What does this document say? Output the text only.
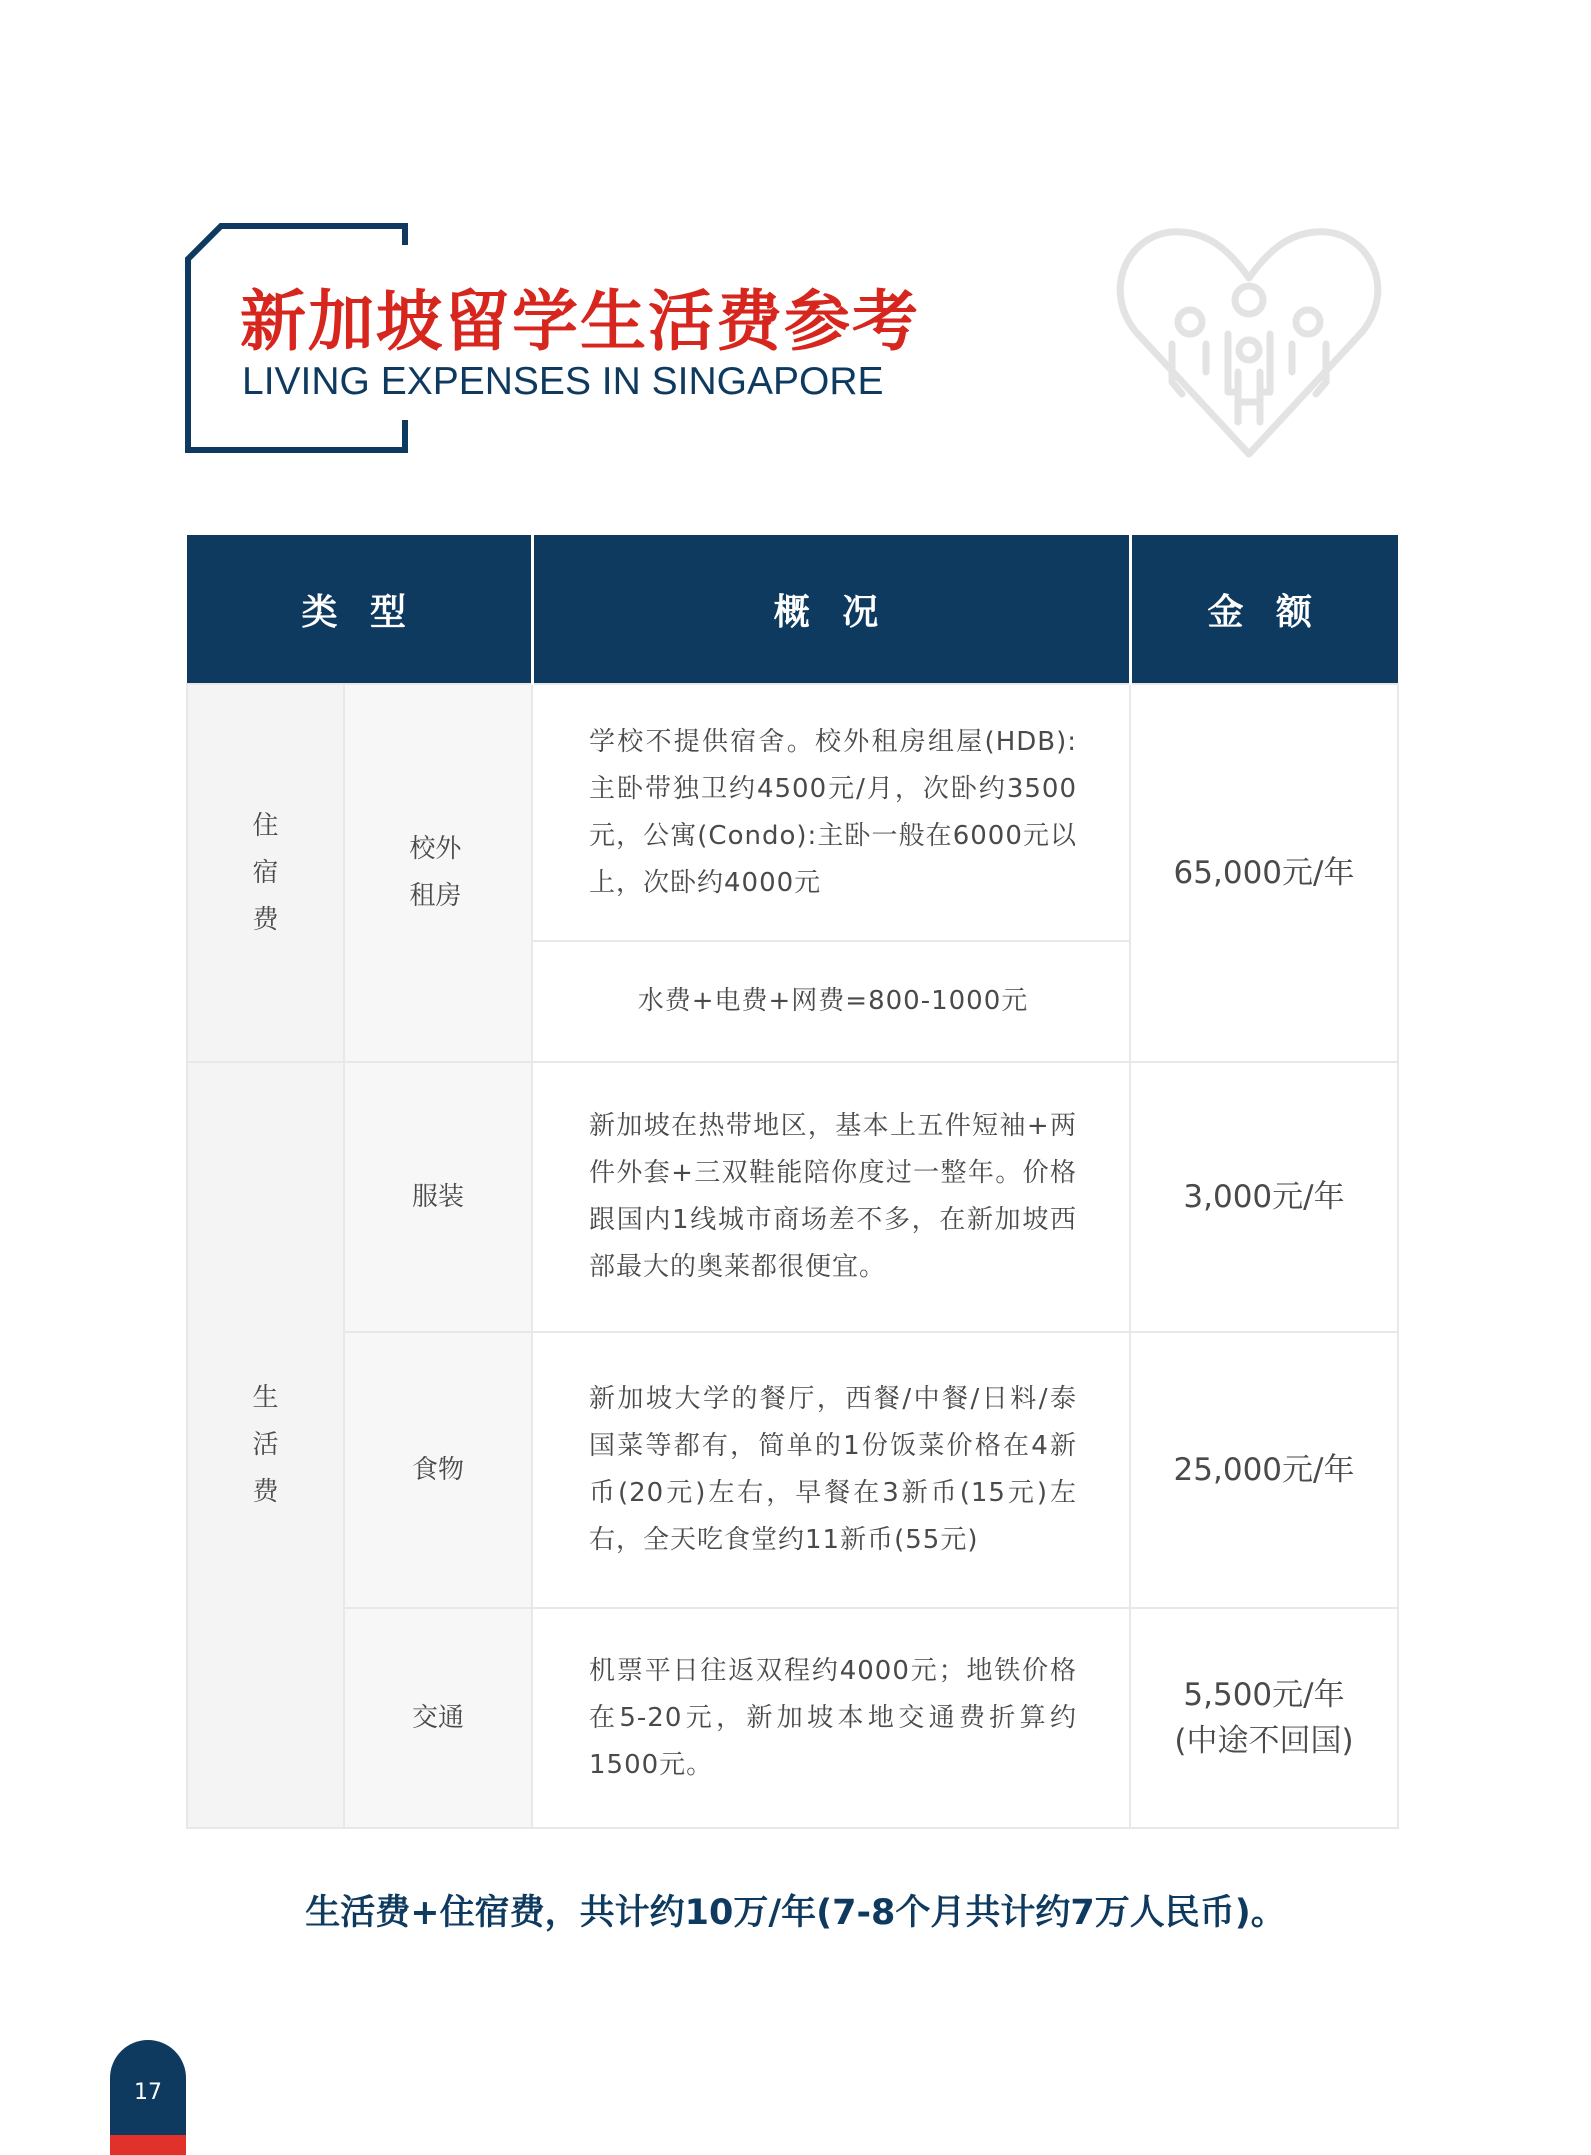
新加坡留学生活费参考
LIVING EXPENSES IN SINGAPORE
类 型		概 况	金 额
住宿费	校外租房	学校不提供宿舍。校外租房组屋(HDB):主卧带独卫约4500元/月，次卧约3500元，公寓(Condo):主卧一般在6000元以上，次卧约4000元	65,000元/年
		水费+电费+网费=800-1000元	
生活费	服装	新加坡在热带地区，基本上五件短袖+两件外套+三双鞋能陪你度过一整年。价格跟国内1线城市商场差不多，在新加坡西部最大的奥莱都很便宜。	3,000元/年
	食物	新加坡大学的餐厅，西餐/中餐/日料/泰国菜等都有，简单的1份饭菜价格在4新币(20元)左右，早餐在3新币(15元)左右，全天吃食堂约11新币(55元)	25,000元/年
	交通	机票平日往返双程约4000元；地铁价格在5-20元，新加坡本地交通费折算约1500元。	5,500元/年
(中途不回国)
生活费+住宿费，共计约10万/年(7-8个月共计约7万人民币)。
17
